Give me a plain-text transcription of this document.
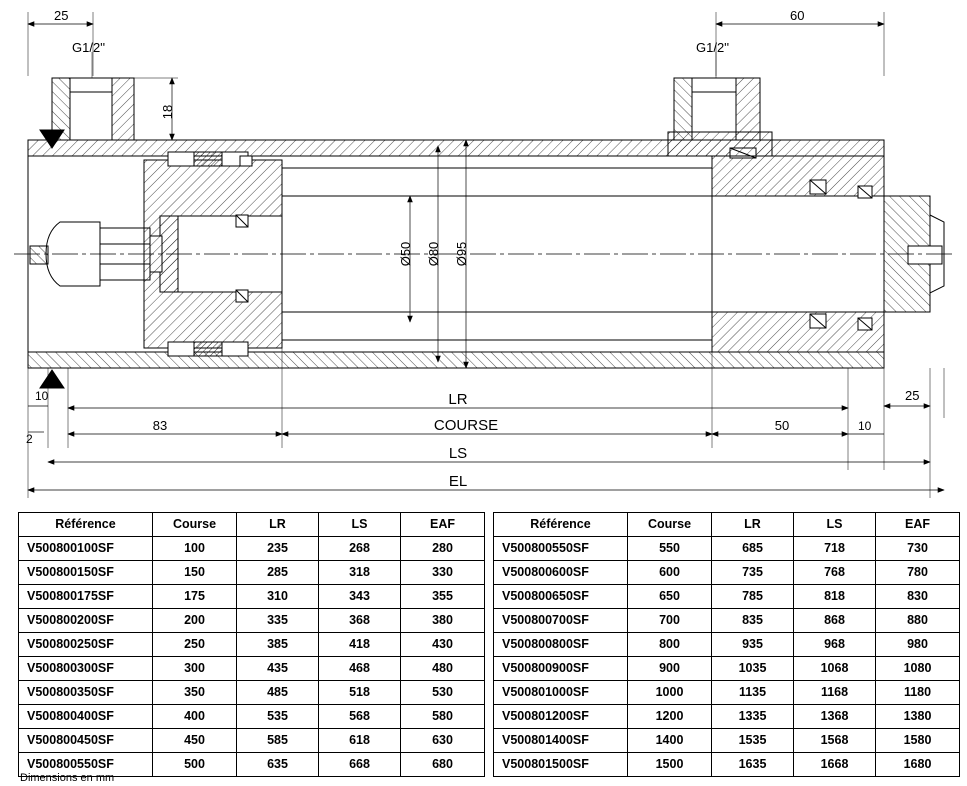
25	60
G1/2''	G1/2''
18
Ø50 Ø80 Ø95
10
2
83
LR
COURSE	50	10
25
LS
EL
Référence	Course	LR	LS	EAF
V500800100SF	100	235	268	280
V500800150SF	150	285	318	330
V500800175SF	175	310	343	355
V500800200SF	200	335	368	380
V500800250SF	250	385	418	430
V500800300SF	300	435	468	480
V500800350SF	350	485	518	530
V500800400SF	400	535	568	580
V500800450SF	450	585	618	630
V500800550SF	500	635	668	680
Référence	Course	LR	LS	EAF
V500800550SF	550	685	718	730
V500800600SF	600	735	768	780
V500800650SF	650	785	818	830
V500800700SF	700	835	868	880
V500800800SF	800	935	968	980
V500800900SF	900	1035	1068	1080
V500801000SF	1000	1135	1168	1180
V500801200SF	1200	1335	1368	1380
V500801400SF	1400	1535	1568	1580
V500801500SF	1500	1635	1668	1680
Dimensions en mm
